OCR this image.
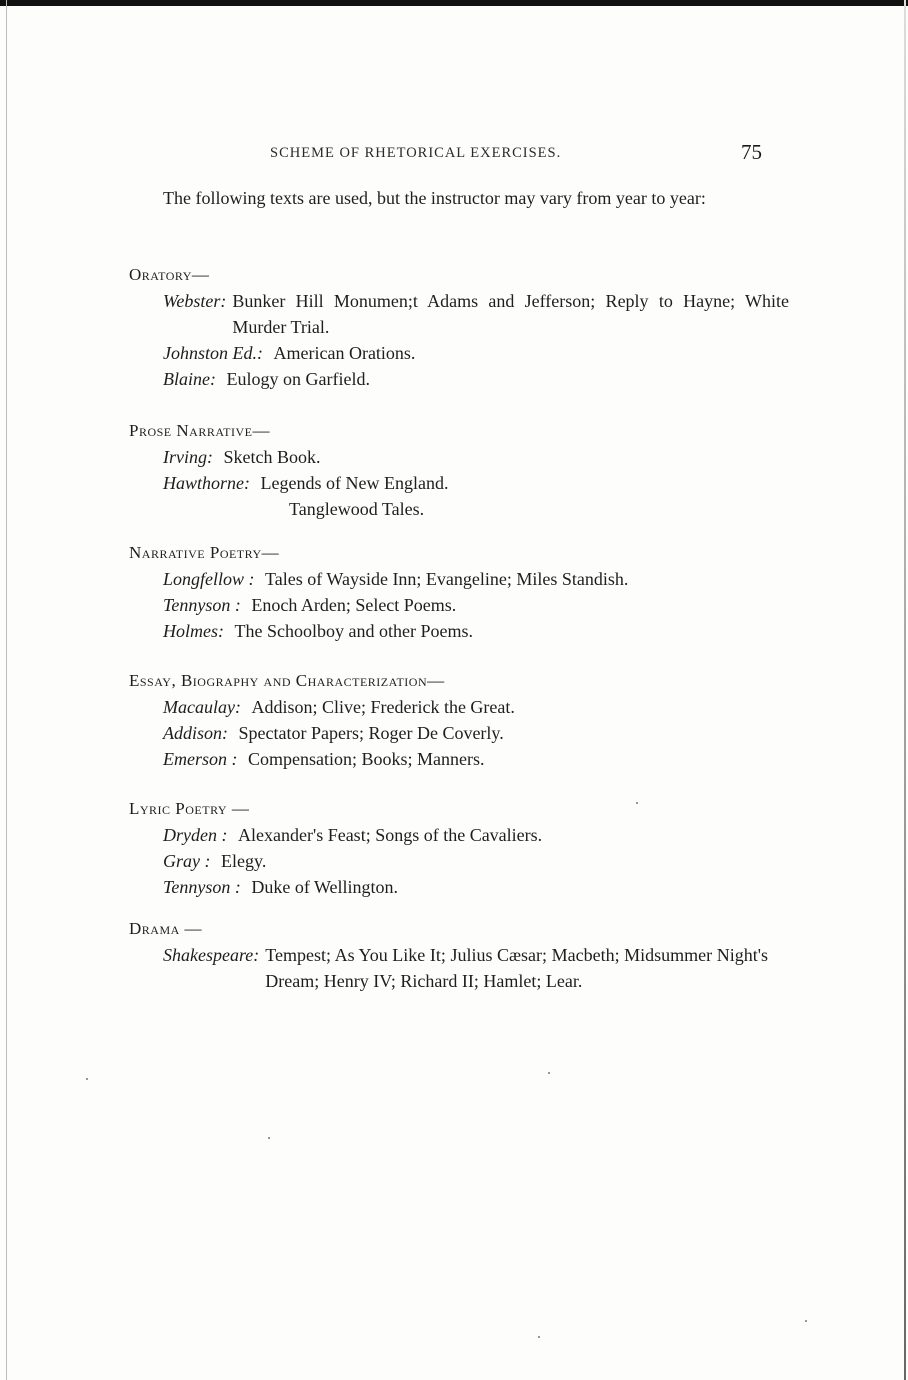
SCHEME OF RHETORICAL EXERCISES.	75

The following texts are used, but the instructor may vary from year to year:

Oratory—
Webster: Bunker Hill Monumen;t Adams and Jefferson; Reply to Hayne; White Murder Trial.
Johnston Ed.: American Orations.
Blaine: Eulogy on Garfield.
Prose Narrative—
Irving: Sketch Book.
Hawthorne: Legends of New England.
Tanglewood Tales.
Narrative Poetry—
Longfellow : Tales of Wayside Inn; Evangeline; Miles Standish.
Tennyson : Enoch Arden; Select Poems.
Holmes: The Schoolboy and other Poems.
Essay, Biography and Characterization—
Macaulay: Addison; Clive; Frederick the Great.
Addison: Spectator Papers; Roger De Coverly.
Emerson : Compensation; Books; Manners.
Lyric Poetry —
Dryden : Alexander's Feast; Songs of the Cavaliers.
Gray : Elegy.
Tennyson : Duke of Wellington.
Drama —
Shakespeare: Tempest; As You Like It; Julius Cæsar; Macbeth; Midsummer Night's Dream; Henry IV; Richard II; Hamlet; Lear.
